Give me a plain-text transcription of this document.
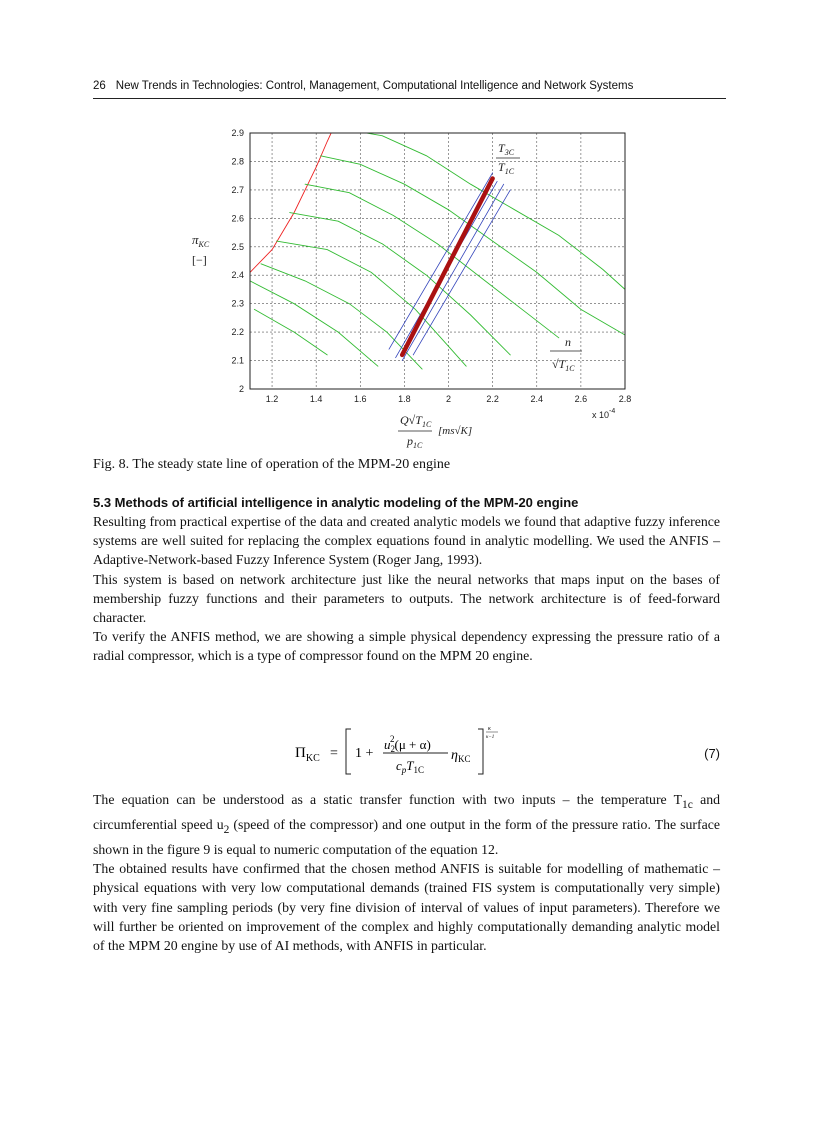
26 New Trends in Technologies: Control, Management, Computational Intelligence and Network Systems
1.2	1.4	1.6	1.8	2	2.2	2.4	2.6	2.8
2
2.1
2.2
2.3
2.4
2.5
2.6
2.7
2.8
2.9
$\pi_{KC}$
[−]
$Q√T_{1C}$
$p_{1C}$
[ms√K]
x $10^{-4}$
$T_{3C}$
$T_{1C}$
n
$√T_{1C}$
Fig. 8. The steady state line of operation of the MPM-20 engine
5.3 Methods of artificial intelligence in analytic modeling of the MPM-20 engine

Resulting from practical expertise of the data and created analytic models we found that adaptive fuzzy inference systems are well suited for replacing the complex equations found in analytic modelling. We used the ANFIS – Adaptive-Network-based Fuzzy Inference System (Roger Jang, 1993).

This system is based on network architecture just like the neural networks that maps input on the bases of membership fuzzy functions and their parameters to outputs. The network architecture is of feed-forward character.

To verify the ANFIS method, we are showing a simple physical dependency expressing the pressure ratio of a radial compressor, which is a type of compressor found on the MPM 20 engine.

$\Pi_{KC} = 1$ +
$u_22(\mu + \alpha)$
$c_pT_{1C}$
$\eta_{KC}$
κ
κ−1
(7)

The equation can be understood as a static transfer function with two inputs – the temperature $T_{1c}$ and circumferential speed $u_2$ (speed of the compressor) and one output in the form of the pressure ratio. The surface shown in the figure 9 is equal to numeric computation of the equation 12.

The obtained results have confirmed that the chosen method ANFIS is suitable for modelling of mathematic – physical equations with very low computational demands (trained FIS system is computationally very simple) with very fine sampling periods (by very fine division of interval of values of input parameters). Therefore we will further be oriented on improvement of the complex and highly computationally demanding analytic model of the MPM 20 engine by use of AI methods, with ANFIS in particular.
